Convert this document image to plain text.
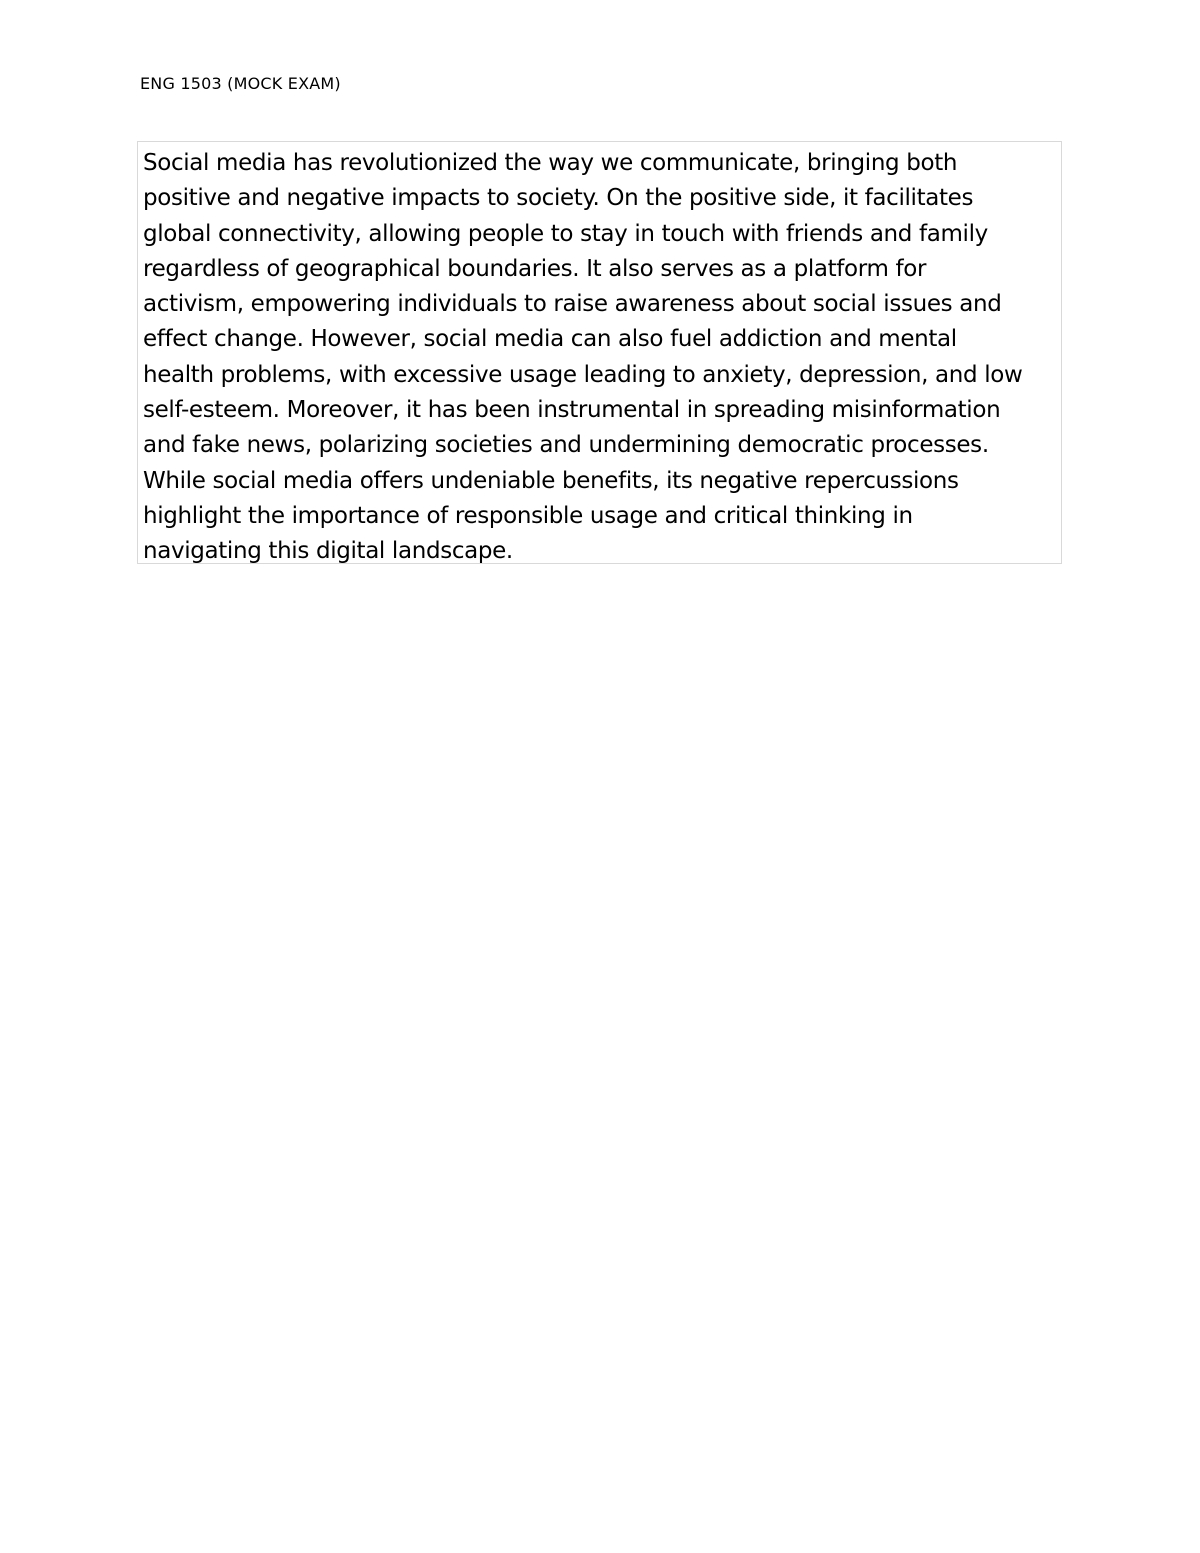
ENG 1503 (MOCK EXAM)
Social media has revolutionized the way we communicate, bringing both
positive and negative impacts to society. On the positive side, it facilitates
global connectivity, allowing people to stay in touch with friends and family
regardless of geographical boundaries. It also serves as a platform for
activism, empowering individuals to raise awareness about social issues and
effect change. However, social media can also fuel addiction and mental
health problems, with excessive usage leading to anxiety, depression, and low
self-esteem. Moreover, it has been instrumental in spreading misinformation
and fake news, polarizing societies and undermining democratic processes.
While social media offers undeniable benefits, its negative repercussions
highlight the importance of responsible usage and critical thinking in
navigating this digital landscape.
